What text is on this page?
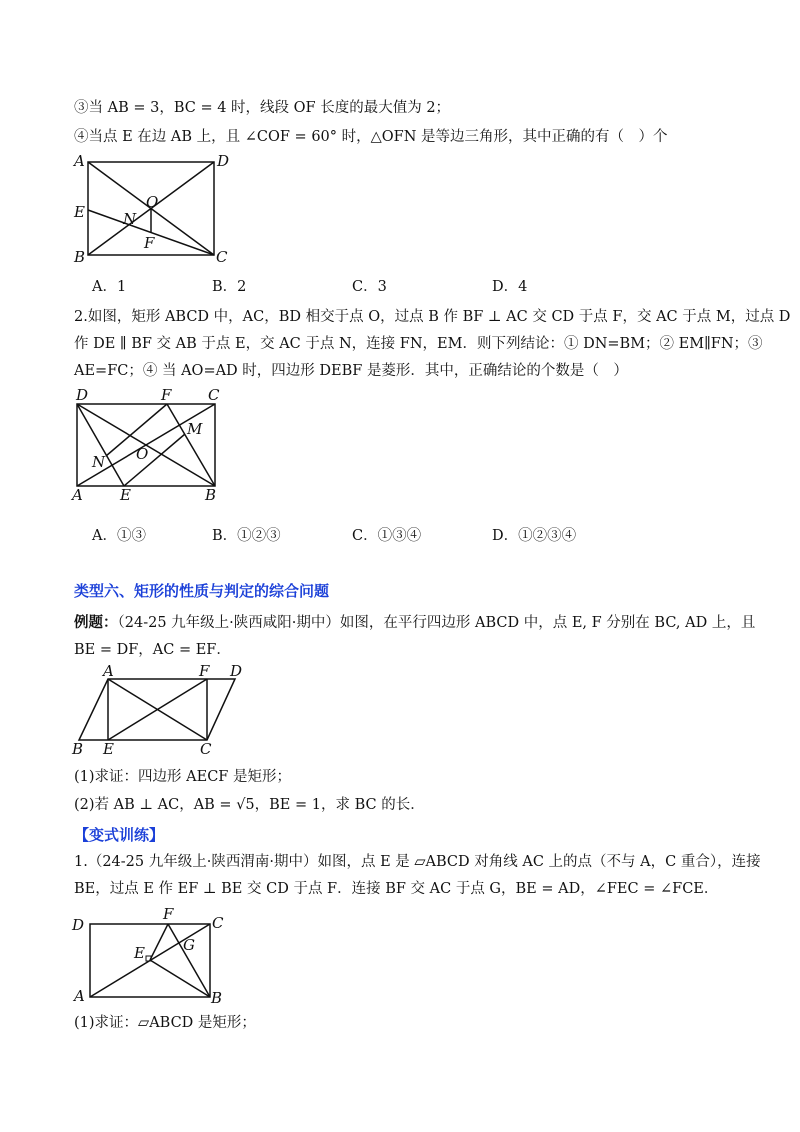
③当 AB = 3，BC = 4 时，线段 OF 长度的最大值为 2；
④当点 E 在边 AB 上，且 ∠COF = 60° 时，△OFN 是等边三角形，其中正确的有（　）个
A	D
E
O
N
F
B	C
A．1	B．2	C．3	D．4
2.如图，矩形 ABCD 中，AC，BD 相交于点 O，过点 B 作 BF ⊥ AC 交 CD 于点 F，交 AC 于点 M，过点 D
作 DE ∥ BF 交 AB 于点 E，交 AC 于点 N，连接 FN，EM．则下列结论：① DN=BM；② EM∥FN；③
AE=FC；④ 当 AO=AD 时，四边形 DEBF 是菱形．其中，正确结论的个数是（　）
D	F C
M
N O
A E	B
A．①③	B．①②③	C．①③④	D．①②③④
类型六、矩形的性质与判定的综合问题
例题：（24-25 九年级上·陕西咸阳·期中）如图，在平行四边形 ABCD 中，点 E, F 分别在 BC, AD 上，且
BE = DF，AC = EF．
A	F D
B E	C
(1)求证：四边形 AECF 是矩形；
(2)若 AB ⊥ AC，AB = √5，BE = 1，求 BC 的长．
【变式训练】
1.（24-25 九年级上·陕西渭南·期中）如图，点 E 是 ▱ABCD 对角线 AC 上的点（不与 A，C 重合），连接
BE，过点 E 作 EF ⊥ BE 交 CD 于点 F．连接 BF 交 AC 于点 G，BE = AD，∠FEC = ∠FCE．
D
F	C
G
E
A	B
(1)求证：▱ABCD 是矩形；
